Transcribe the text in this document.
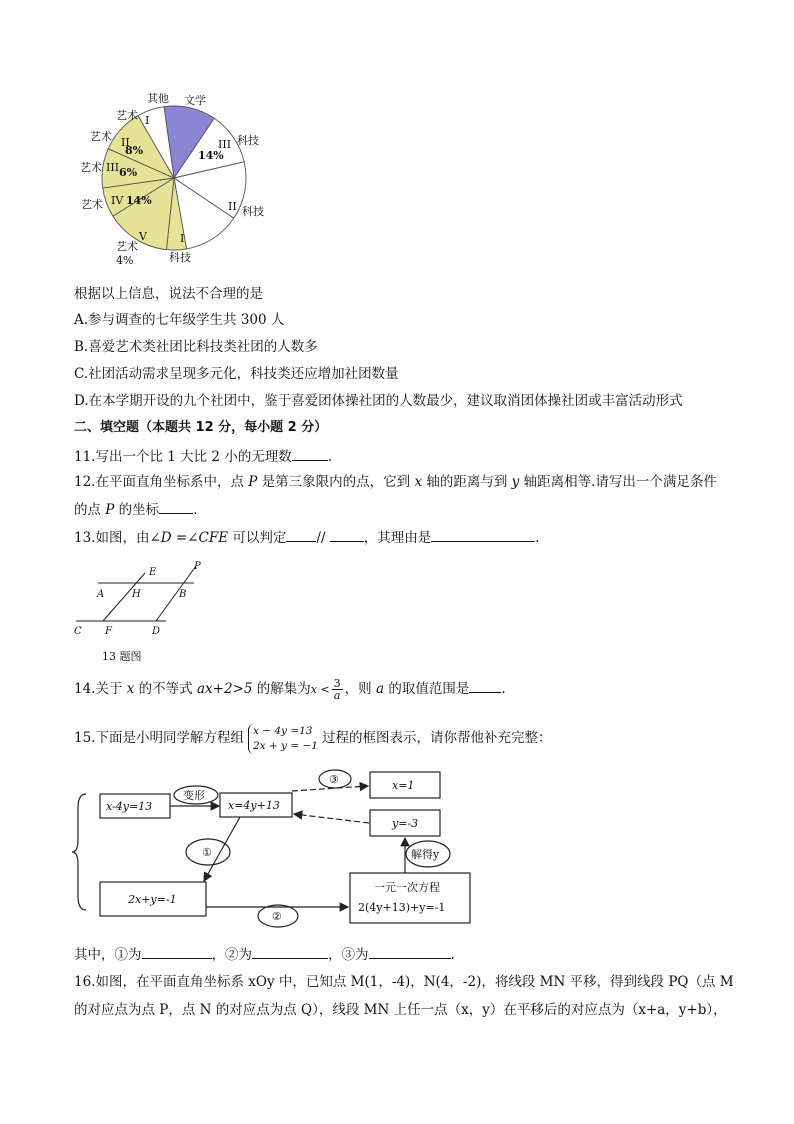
其他 文学
艺术 I
艺术 II
8%
艺术 III 6%
艺术 IV 14%
V
艺术
4%
III 科技
14%
II 科技
I
科技
根据以上信息，说法不合理的是
A.参与调查的七年级学生共 300 人
B.喜爱艺术类社团比科技类社团的人数多
C.社团活动需求呈现多元化，科技类还应增加社团数量
D.在本学期开设的九个社团中，鉴于喜爱团体操社团的人数最少，建议取消团体操社团或丰富活动形式
二、填空题（本题共 12 分，每小题 2 分）
11.写出一个比 1 大比 2 小的无理数	.
12.在平面直角坐标系中，点 P 是第三象限内的点，它到 x 轴的距离与到 y 轴距离相等.请写出一个满足条件
的点 P 的坐标	.
13.如图，由∠D =∠CFE 可以判定 //	，其理由是	.
E
P
A	H	B
C F	D
13 题图
14.关于 x 的不等式 ax+2>5 的解集为$x < \frac{3}{a}$ ，则 a 的取值范围是 .
15.下面是小明同学解方程组 x − 4y =13
2x + y = −1 过程的框图表示，请你帮他补充完整：
x-4y=13
变形
x=4y+13
③	x=1
y=-3
解得y
①
2x+y=-1
②
一元一次方程
2(4y+13)+y=-1
其中，①为	，②为	，③为	.
16.如图，在平面直角坐标系 xOy 中，已知点 M(1，-4)，N(4，-2)，将线段 MN 平移，得到线段 PQ（点 M
的对应点为点 P，点 N 的对应点为点 Q），线段 MN 上任一点（x，y）在平移后的对应点为（x+a，y+b），
